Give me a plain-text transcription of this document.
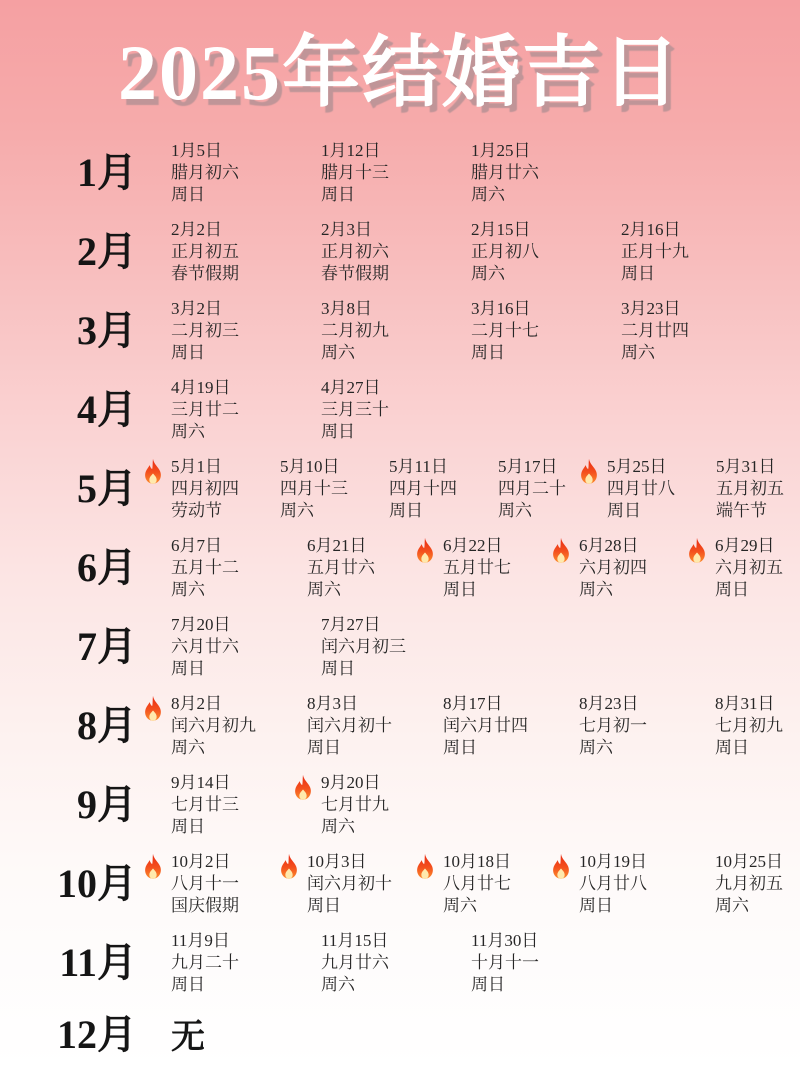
2025年结婚吉日
1月 1月5日
腊月初六
周日
1月12日
腊月十三
周日
1月25日
腊月廿六
周六
2月 2月2日
正月初五
春节假期
2月3日
正月初六
春节假期
2月15日
正月初八
周六
2月16日
正月十九
周日
3月 3月2日
二月初三
周日
3月8日
二月初九
周六
3月16日
二月十七
周日
3月23日
二月廿四
周六
4月 4月19日
三月廿二
周六
4月27日
三月三十
周日
5月 5月1日
四月初四
劳动节
5月10日
四月十三
周六
5月11日
四月十四
周日
5月17日
四月二十
周六
5月25日
四月廿八
周日
5月31日
五月初五
端午节
6月 6月7日
五月十二
周六
6月21日
五月廿六
周六
6月22日
五月廿七
周日
6月28日
六月初四
周六
6月29日
六月初五
周日
7月 7月20日
六月廿六
周日
7月27日
闰六月初三
周日
8月 8月2日
闰六月初九
周六
8月3日
闰六月初十
周日
8月17日
闰六月廿四
周日
8月23日
七月初一
周六
8月31日
七月初九
周日
9月 9月14日
七月廿三
周日
9月20日
七月廿九
周六
10月 10月2日
八月十一
国庆假期
10月3日
闰六月初十
周日
10月18日
八月廿七
周六
10月19日
八月廿八
周日
10月25日
九月初五
周六
11月 11月9日
九月二十
周日
11月15日
九月廿六
周六
11月30日
十月十一
周日
12月 无
